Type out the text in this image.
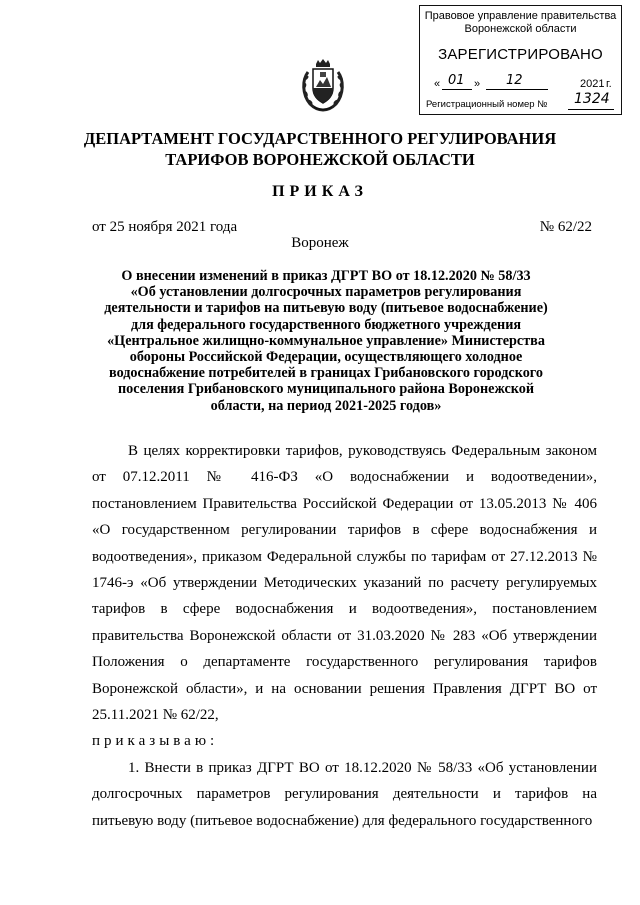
Правовое управление правительства
Воронежской области
ЗАРЕГИСТРИРОВАНО
« 01 » 12	2021 г.
Регистрационный номер № 1324
ДЕПАРТАМЕНТ ГОСУДАРСТВЕННОГО РЕГУЛИРОВАНИЯ
ТАРИФОВ ВОРОНЕЖСКОЙ ОБЛАСТИ
ПРИКАЗ
от 25 ноября 2021 года	№ 62/22
Воронеж
О внесении изменений в приказ ДГРТ ВО от 18.12.2020 № 58/33
«Об установлении долгосрочных параметров регулирования
деятельности и тарифов на питьевую воду (питьевое водоснабжение)
для федерального государственного бюджетного учреждения
«Центральное жилищно-коммунальное управление» Министерства
обороны Российской Федерации, осуществляющего холодное
водоснабжение потребителей в границах Грибановского городского
поселения Грибановского муниципального района Воронежской
области, на период 2021-2025 годов»

В целях корректировки тарифов, руководствуясь Федеральным законом от 07.12.2011 № 416-ФЗ «О водоснабжении и водоотведении», постановлением Правительства Российской Федерации от 13.05.2013 № 406 «О государственном регулировании тарифов в сфере водоснабжения и водоотведения», приказом Федеральной службы по тарифам от 27.12.2013 № 1746-э «Об утверждении Методических указаний по расчету регулируемых тарифов в сфере водоснабжения и водоотведения», постановлением правительства Воронежской области от 31.03.2020 № 283 «Об утверждении Положения о департаменте государственного регулирования тарифов Воронежской области», и на основании решения Правления ДГРТ ВО от 25.11.2021 № 62/22,

приказываю:

1. Внести в приказ ДГРТ ВО от 18.12.2020 № 58/33 «Об установлении долгосрочных параметров регулирования деятельности и тарифов на питьевую воду (питьевое водоснабжение) для федерального государственного
